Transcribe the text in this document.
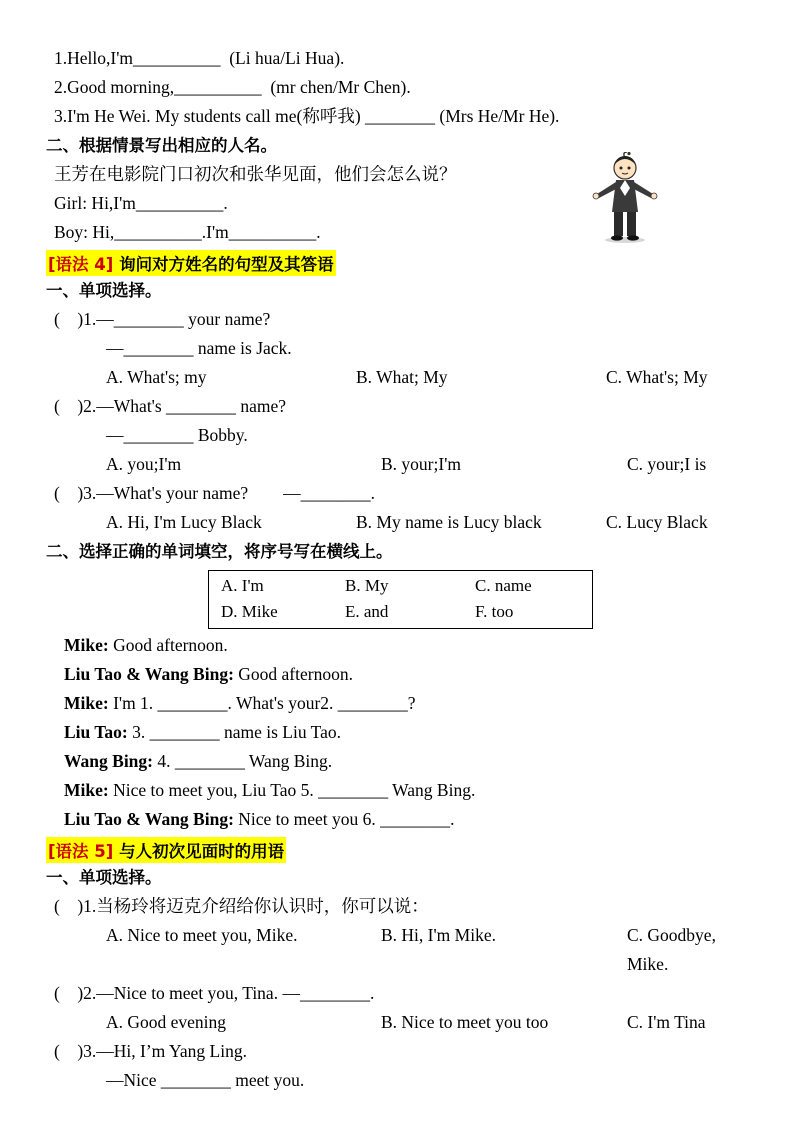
1.Hello,I'm__________  (Li hua/Li Hua).
2.Good morning,__________  (mr chen/Mr Chen).
3.I'm He Wei. My students call me(称呼我) ________ (Mrs He/Mr He).
二、根据情景写出相应的人名。
王芳在电影院门口初次和张华见面，他们会怎么说？
Girl: Hi,I'm__________.
Boy: Hi,__________.I'm__________.
[语法 4] 询问对方姓名的句型及其答语
一、单项选择。
(    )1.—________ your name?
—________ name is Jack.
A. What's; my	B. What; My	C. What's; My
(    )2.—What's ________ name?
—________ Bobby.
A. you;I'm	B. your;I'm	C. your;I is
(    )3.—What's your name?        —________.
A. Hi, I'm Lucy Black	B. My name is Lucy black	C. Lucy Black
二、选择正确的单词填空，将序号写在横线上。
A. I'm	B. My	C. name
D. Mike	E. and	F. too
Mike: Good afternoon.
Liu Tao & Wang Bing: Good afternoon.
Mike: I'm 1. ________. What's your2. ________?
Liu Tao: 3. ________ name is Liu Tao.
Wang Bing: 4. ________ Wang Bing.
Mike: Nice to meet you, Liu Tao 5. ________ Wang Bing.
Liu Tao & Wang Bing: Nice to meet you 6. ________.
[语法 5] 与人初次见面时的用语
一、单项选择。
(    )1.当杨玲将迈克介绍给你认识时，你可以说：
A. Nice to meet you, Mike.	B. Hi, I'm Mike.	C. Goodbye, Mike.
(    )2.—Nice to meet you, Tina. —________.
A. Good evening	B. Nice to meet you too	C. I'm Tina
(    )3.—Hi, I’m Yang Ling.
—Nice ________ meet you.
